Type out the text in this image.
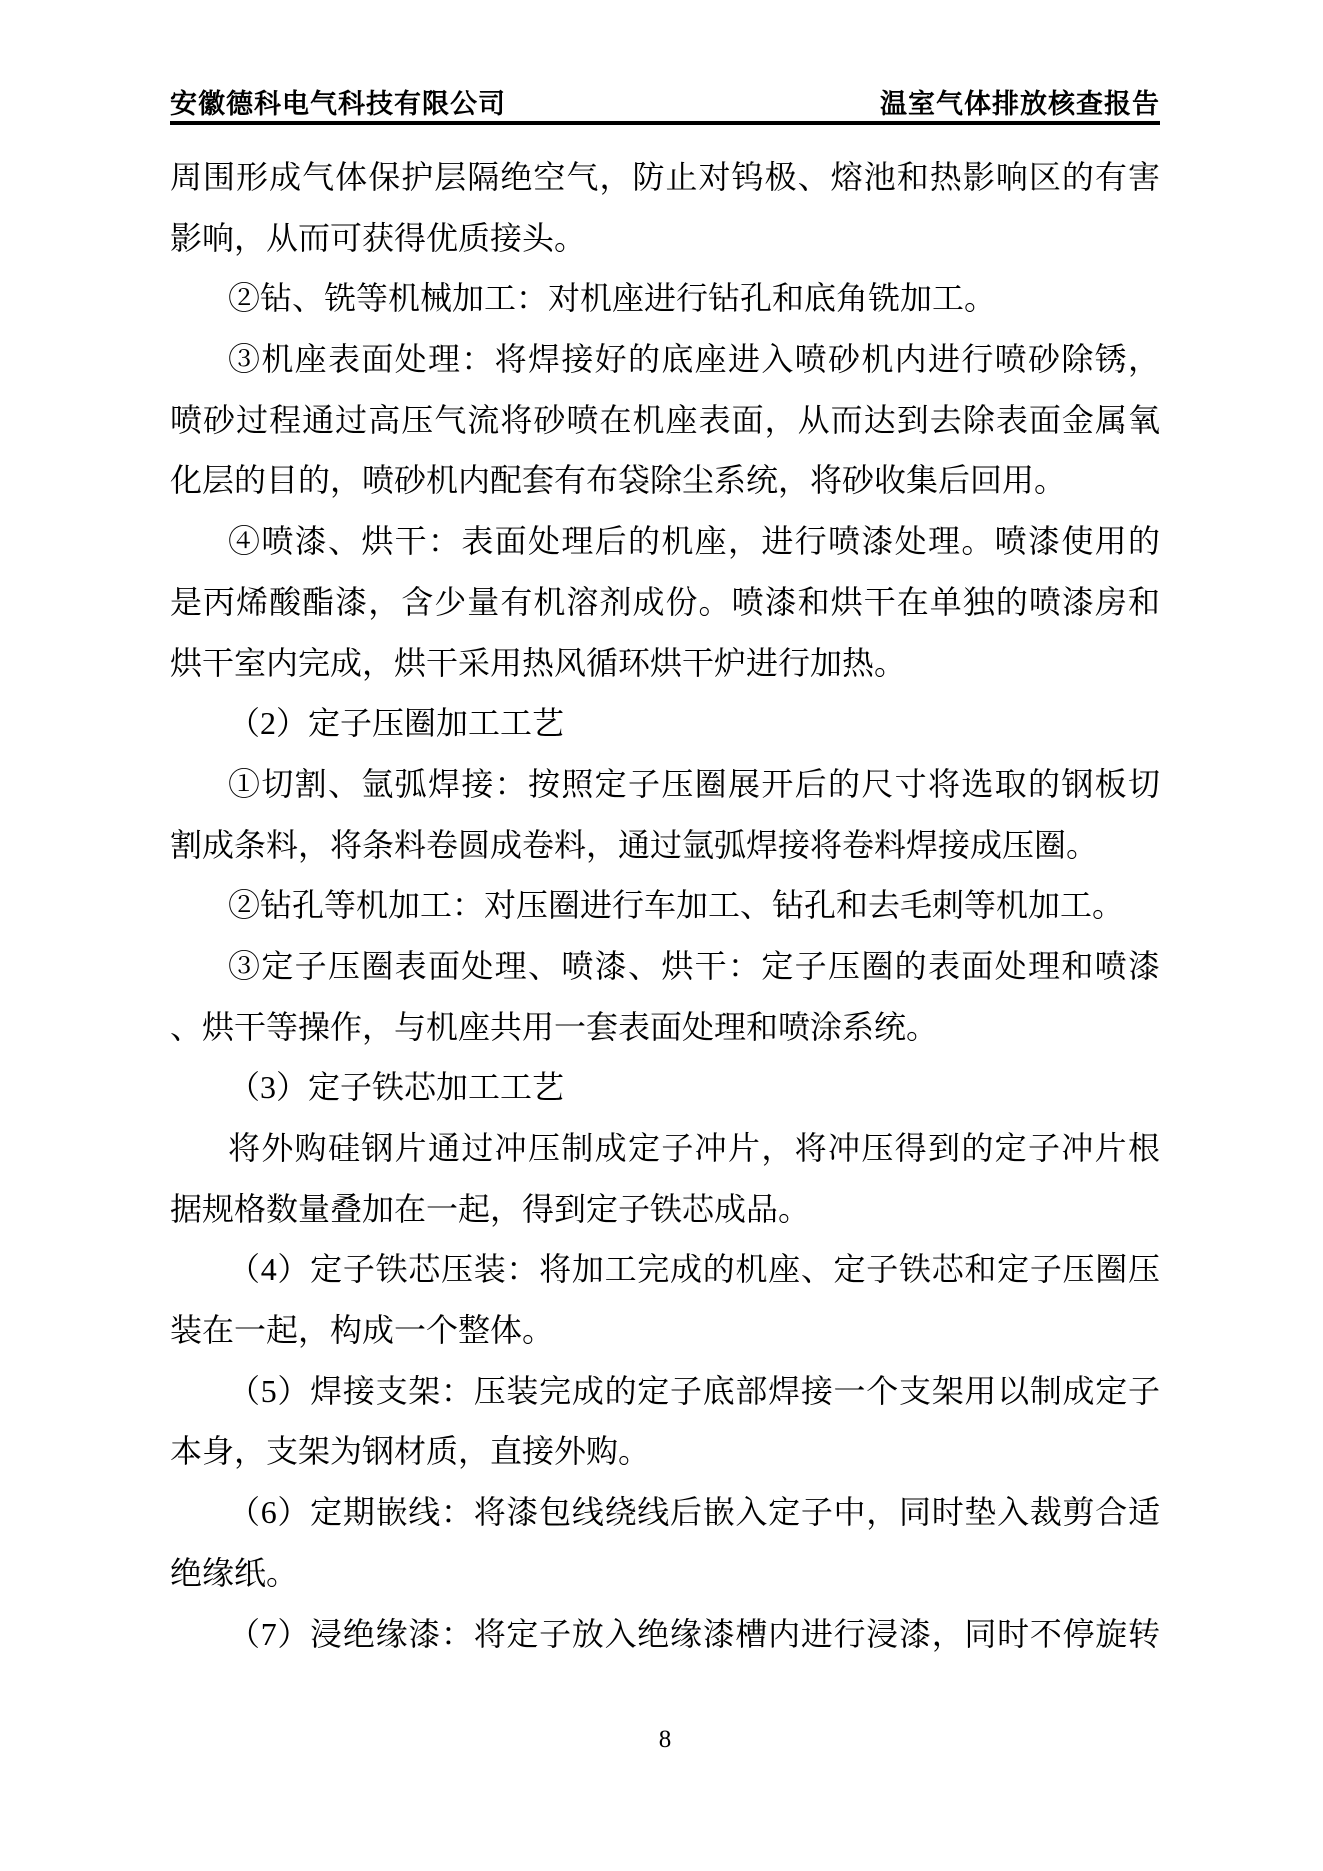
安徽德科电气科技有限公司	温室气体排放核查报告
周围形成气体保护层隔绝空气，防止对钨极、熔池和热影响区的有害
影响，从而可获得优质接头。
②钻、铣等机械加工：对机座进行钻孔和底角铣加工。
③机座表面处理：将焊接好的底座进入喷砂机内进行喷砂除锈，
喷砂过程通过高压气流将砂喷在机座表面，从而达到去除表面金属氧
化层的目的，喷砂机内配套有布袋除尘系统，将砂收集后回用。
④喷漆、烘干：表面处理后的机座，进行喷漆处理。喷漆使用的
是丙烯酸酯漆，含少量有机溶剂成份。喷漆和烘干在单独的喷漆房和
烘干室内完成，烘干采用热风循环烘干炉进行加热。
（2）定子压圈加工工艺
①切割、氩弧焊接：按照定子压圈展开后的尺寸将选取的钢板切
割成条料，将条料卷圆成卷料，通过氩弧焊接将卷料焊接成压圈。
②钻孔等机加工：对压圈进行车加工、钻孔和去毛刺等机加工。
③定子压圈表面处理、喷漆、烘干：定子压圈的表面处理和喷漆
、烘干等操作，与机座共用一套表面处理和喷涂系统。
（3）定子铁芯加工工艺
将外购硅钢片通过冲压制成定子冲片，将冲压得到的定子冲片根
据规格数量叠加在一起，得到定子铁芯成品。
（4）定子铁芯压装：将加工完成的机座、定子铁芯和定子压圈压
装在一起，构成一个整体。
（5）焊接支架：压装完成的定子底部焊接一个支架用以制成定子
本身，支架为钢材质，直接外购。
（6）定期嵌线：将漆包线绕线后嵌入定子中，同时垫入裁剪合适
绝缘纸。
（7）浸绝缘漆：将定子放入绝缘漆槽内进行浸漆，同时不停旋转
8
